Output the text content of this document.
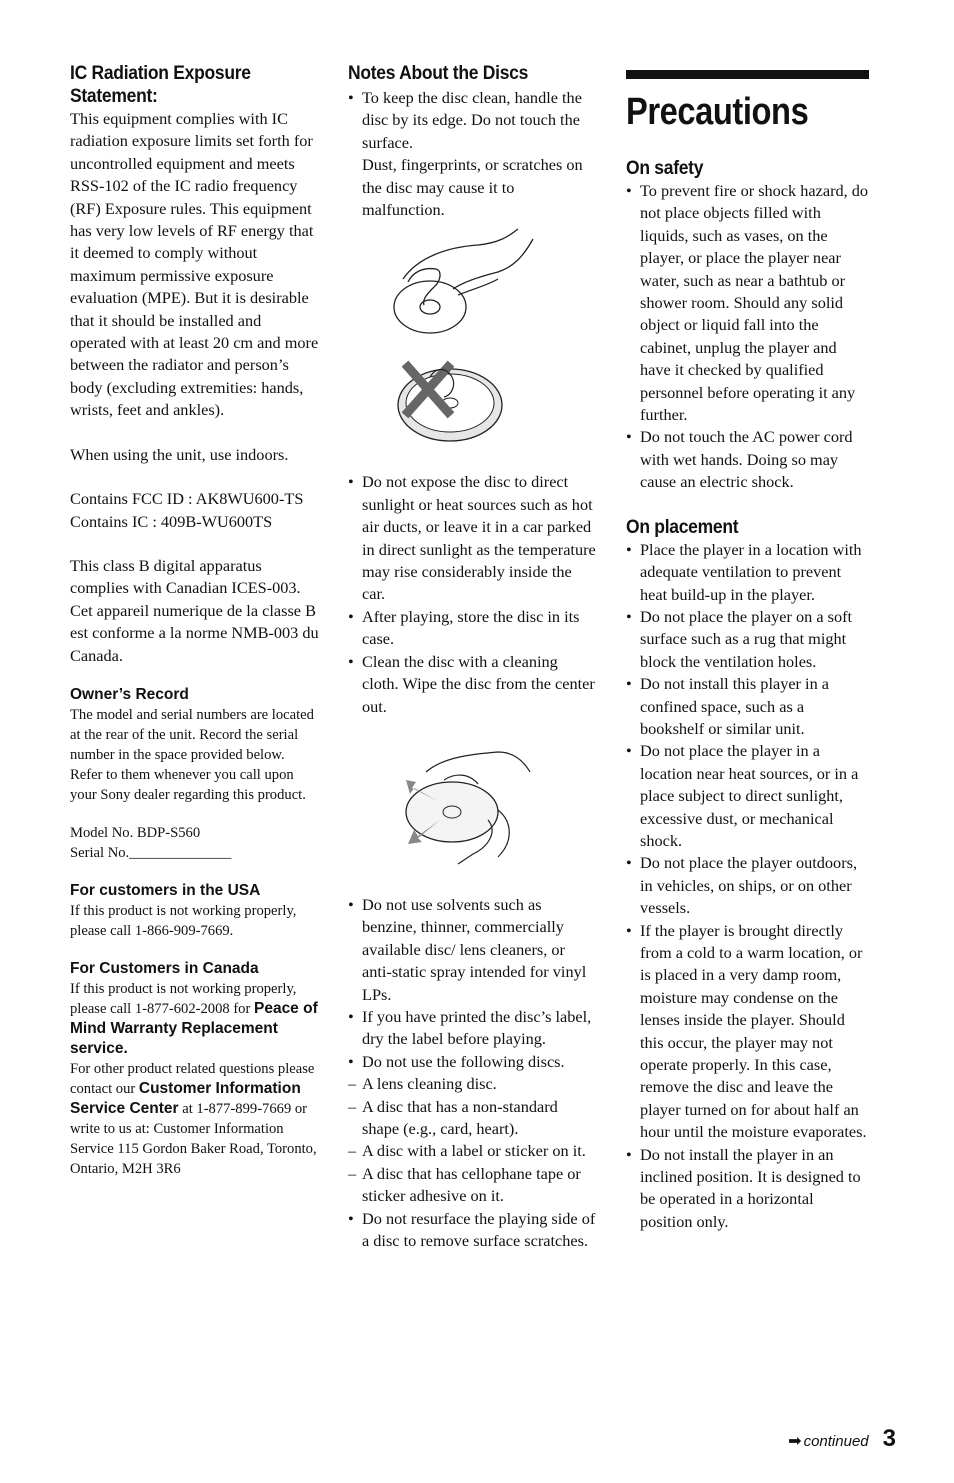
IC Radiation Exposure Statement:

This equipment complies with IC radiation exposure limits set forth for uncontrolled equipment and meets RSS-102 of the IC radio frequency (RF) Exposure rules. This equipment has very low levels of RF energy that it deemed to comply without maximum permissive exposure evaluation (MPE). But it is desirable that it should be installed and operated with at least 20 cm and more between the radiator and person’s body (excluding extremities: hands, wrists, feet and ankles).

When using the unit, use indoors.

Contains FCC ID : AK8WU600-TS

Contains IC : 409B-WU600TS

This class B digital apparatus complies with Canadian ICES-003.

Cet appareil numerique de la classe B est conforme a la norme NMB-003 du Canada.

Owner’s Record

The model and serial numbers are located at the rear of the unit. Record the serial number in the space provided below. Refer to them whenever you call upon your Sony dealer regarding this product.

Model No. BDP-S560

Serial No.______________

For customers in the USA

If this product is not working properly, please call 1-866-909-7669.

For Customers in Canada

If this product is not working properly, please call 1-877-602-2008 for Peace of Mind Warranty Replacement service.

For other product related questions please contact our Customer Information Service Center at 1-877-899-7669 or write to us at: Customer Information Service 115 Gordon Baker Road, Toronto, Ontario, M2H 3R6

Notes About the Discs

• To keep the disc clean, handle the disc by its edge. Do not touch the surface.
Dust, fingerprints, or scratches on the disc may cause it to malfunction.
• Do not expose the disc to direct sunlight or heat sources such as hot air ducts, or leave it in a car parked in direct sunlight as the temperature may rise considerably inside the car.
• After playing, store the disc in its case.
• Clean the disc with a cleaning cloth. Wipe the disc from the center out.
• Do not use solvents such as benzine, thinner, commercially available disc/ lens cleaners, or anti-static spray intended for vinyl LPs.
• If you have printed the disc’s label, dry the label before playing.
• Do not use the following discs.
– A lens cleaning disc.
– A disc that has a non-standard shape (e.g., card, heart).
– A disc with a label or sticker on it.
– A disc that has cellophane tape or sticker adhesive on it.
• Do not resurface the playing side of a disc to remove surface scratches.

Precautions

On safety

• To prevent fire or shock hazard, do not place objects filled with liquids, such as vases, on the player, or place the player near water, such as near a bathtub or shower room. Should any solid object or liquid fall into the cabinet, unplug the player and have it checked by qualified personnel before operating it any further.
• Do not touch the AC power cord with wet hands. Doing so may cause an electric shock.

On placement

• Place the player in a location with adequate ventilation to prevent heat build-up in the player.
• Do not place the player on a soft surface such as a rug that might block the ventilation holes.
• Do not install this player in a confined space, such as a bookshelf or similar unit.
• Do not place the player in a location near heat sources, or in a place subject to direct sunlight, excessive dust, or mechanical shock.
• Do not place the player outdoors, in vehicles, on ships, or on other vessels.
• If the player is brought directly from a cold to a warm location, or is placed in a very damp room, moisture may condense on the lenses inside the player. Should this occur, the player may not operate properly. In this case, remove the disc and leave the player turned on for about half an hour until the moisture evaporates.
• Do not install the player in an inclined position. It is designed to be operated in a horizontal position only.
➡ continued 3
